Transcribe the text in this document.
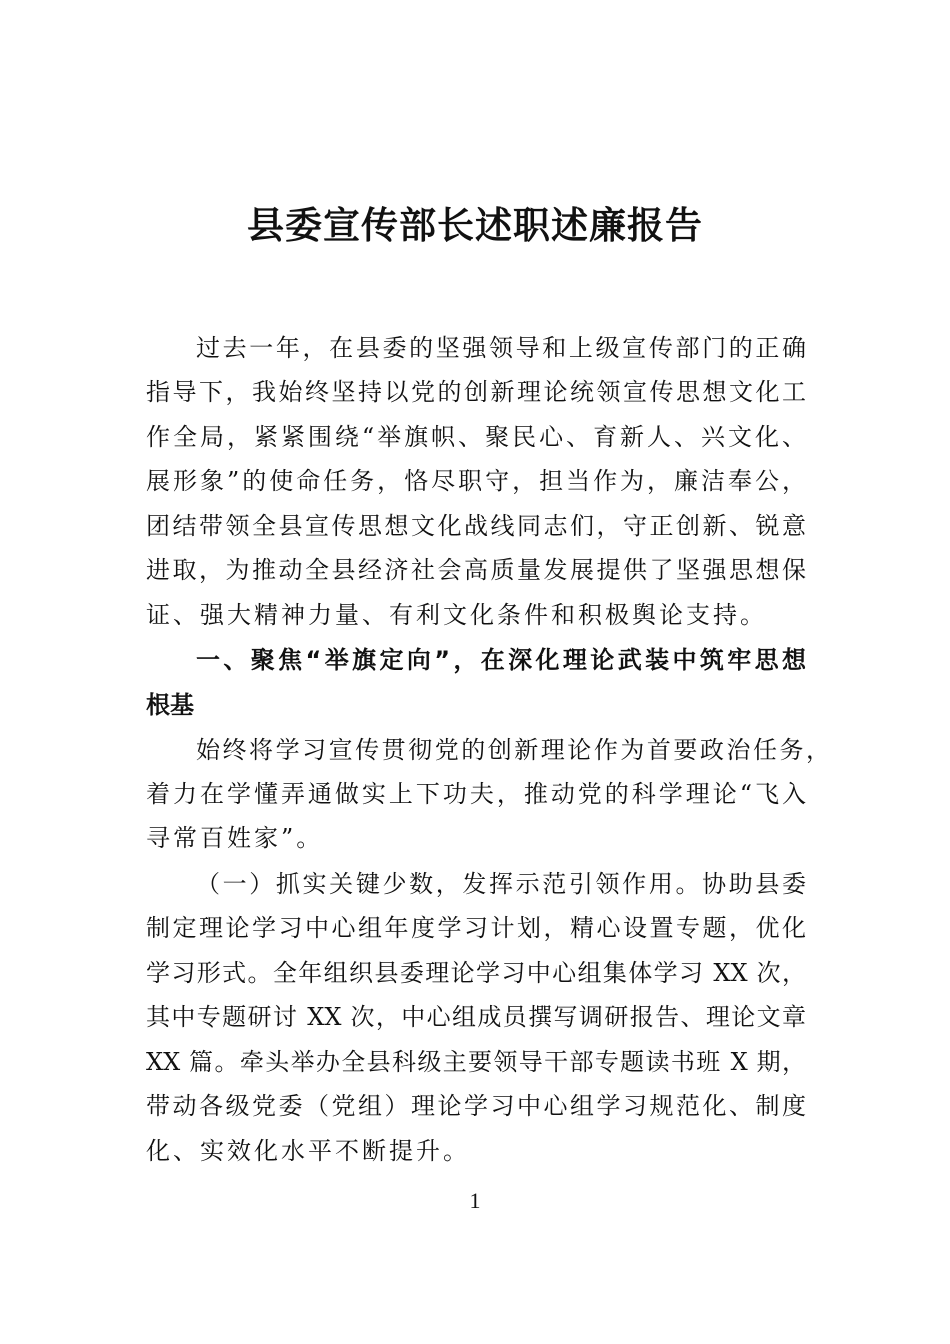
县委宣传部长述职述廉报告
过去一年，在县委的坚强领导和上级宣传部门的正确
指导下，我始终坚持以党的创新理论统领宣传思想文化工
作全局，紧紧围绕“举旗帜、聚民心、育新人、兴文化、
展形象”的使命任务，恪尽职守，担当作为，廉洁奉公，
团结带领全县宣传思想文化战线同志们，守正创新、锐意
进取，为推动全县经济社会高质量发展提供了坚强思想保
证、强大精神力量、有利文化条件和积极舆论支持。
一、聚焦“举旗定向”，在深化理论武装中筑牢思想
根基
始终将学习宣传贯彻党的创新理论作为首要政治任务，
着力在学懂弄通做实上下功夫，推动党的科学理论“飞入
寻常百姓家”。
（一）抓实关键少数，发挥示范引领作用。协助县委
制定理论学习中心组年度学习计划，精心设置专题，优化
学习形式。全年组织县委理论学习中心组集体学习 XX 次，
其中专题研讨 XX 次，中心组成员撰写调研报告、理论文章
XX 篇。牵头举办全县科级主要领导干部专题读书班 X 期，
带动各级党委（党组）理论学习中心组学习规范化、制度
化、实效化水平不断提升。
1
